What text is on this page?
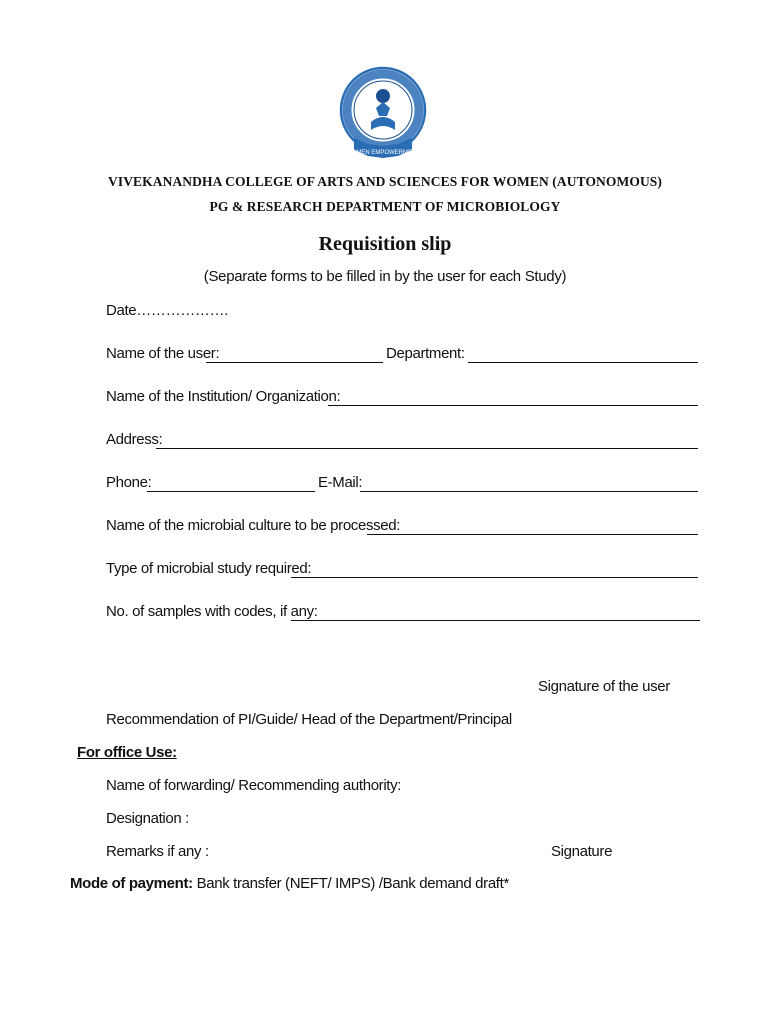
WOMEN EMPOWERMENT
VIVEKANANDHA COLLEGE OF ARTS AND SCIENCES FOR WOMEN (AUTONOMOUS)
PG & RESEARCH DEPARTMENT OF MICROBIOLOGY
Requisition slip
(Separate forms to be filled in by the user for each Study)
Date……………….
Name of the user:	Department:
Name of the Institution/ Organization:
Address:
Phone:	E-Mail:
Name of the microbial culture to be processed:
Type of microbial study required:
No. of samples with codes, if any:
Signature of the user
Recommendation of PI/Guide/ Head of the Department/Principal
For office Use:
Name of forwarding/ Recommending authority:
Designation :
Remarks if any :	Signature
Mode of payment: Bank transfer (NEFT/ IMPS) /Bank demand draft*
